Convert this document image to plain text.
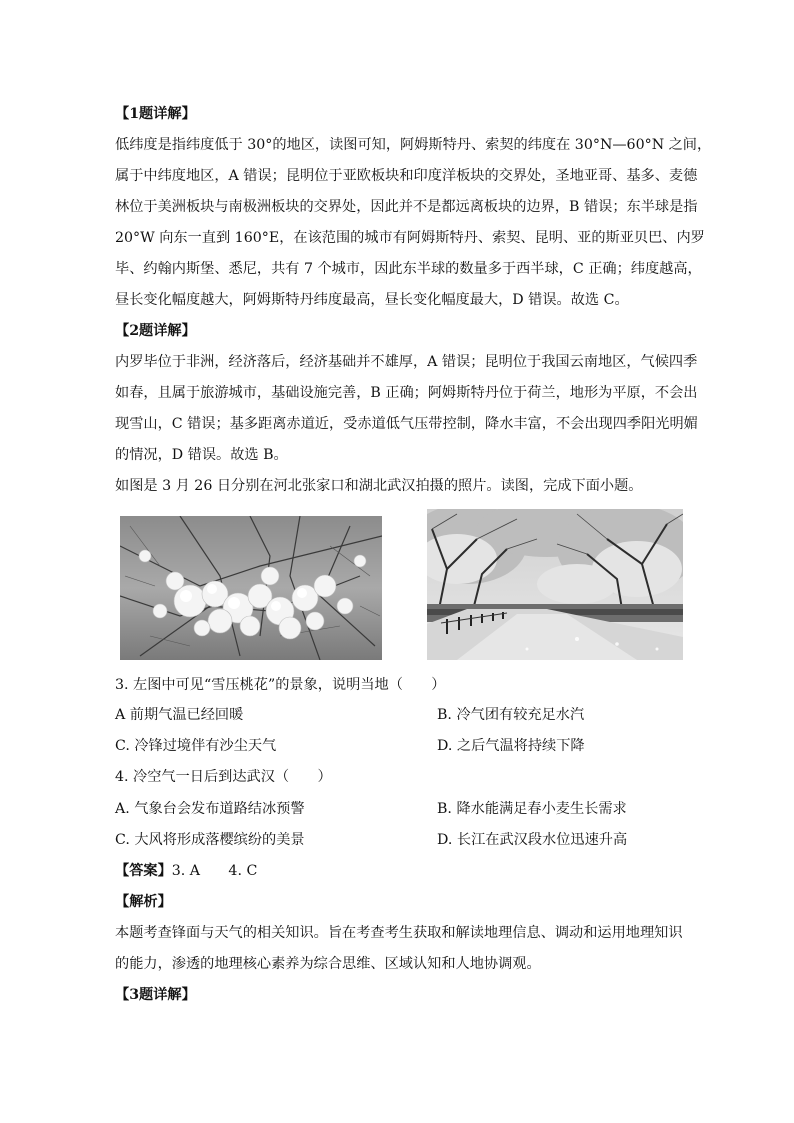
【1题详解】
低纬度是指纬度低于 30°的地区，读图可知，阿姆斯特丹、索契的纬度在 30°N—60°N 之间，
属于中纬度地区，A 错误；昆明位于亚欧板块和印度洋板块的交界处，圣地亚哥、基多、麦德
林位于美洲板块与南极洲板块的交界处，因此并不是都远离板块的边界，B 错误；东半球是指
20°W 向东一直到 160°E，在该范围的城市有阿姆斯特丹、索契、昆明、亚的斯亚贝巴、内罗
毕、约翰内斯堡、悉尼，共有 7 个城市，因此东半球的数量多于西半球，C 正确；纬度越高，
昼长变化幅度越大，阿姆斯特丹纬度最高，昼长变化幅度最大，D 错误。故选 C。
【2题详解】
内罗毕位于非洲，经济落后，经济基础并不雄厚，A 错误；昆明位于我国云南地区，气候四季
如春，且属于旅游城市，基础设施完善，B 正确；阿姆斯特丹位于荷兰，地形为平原，不会出
现雪山，C 错误；基多距离赤道近，受赤道低气压带控制，降水丰富，不会出现四季阳光明媚
的情况，D 错误。故选 B。
如图是 3 月 26 日分别在河北张家口和湖北武汉拍摄的照片。读图，完成下面小题。
3. 左图中可见“雪压桃花”的景象，说明当地（　　）
A 前期气温已经回暖	B. 冷气团有较充足水汽
C. 冷锋过境伴有沙尘天气	D. 之后气温将持续下降
4. 冷空气一日后到达武汉（　　）
A. 气象台会发布道路结冰预警	B. 降水能满足春小麦生长需求
C. 大风将形成落樱缤纷的美景	D. 长江在武汉段水位迅速升高
【答案】3. A　　4. C
【解析】
本题考查锋面与天气的相关知识。旨在考查考生获取和解读地理信息、调动和运用地理知识
的能力，渗透的地理核心素养为综合思维、区域认知和人地协调观。
【3题详解】
